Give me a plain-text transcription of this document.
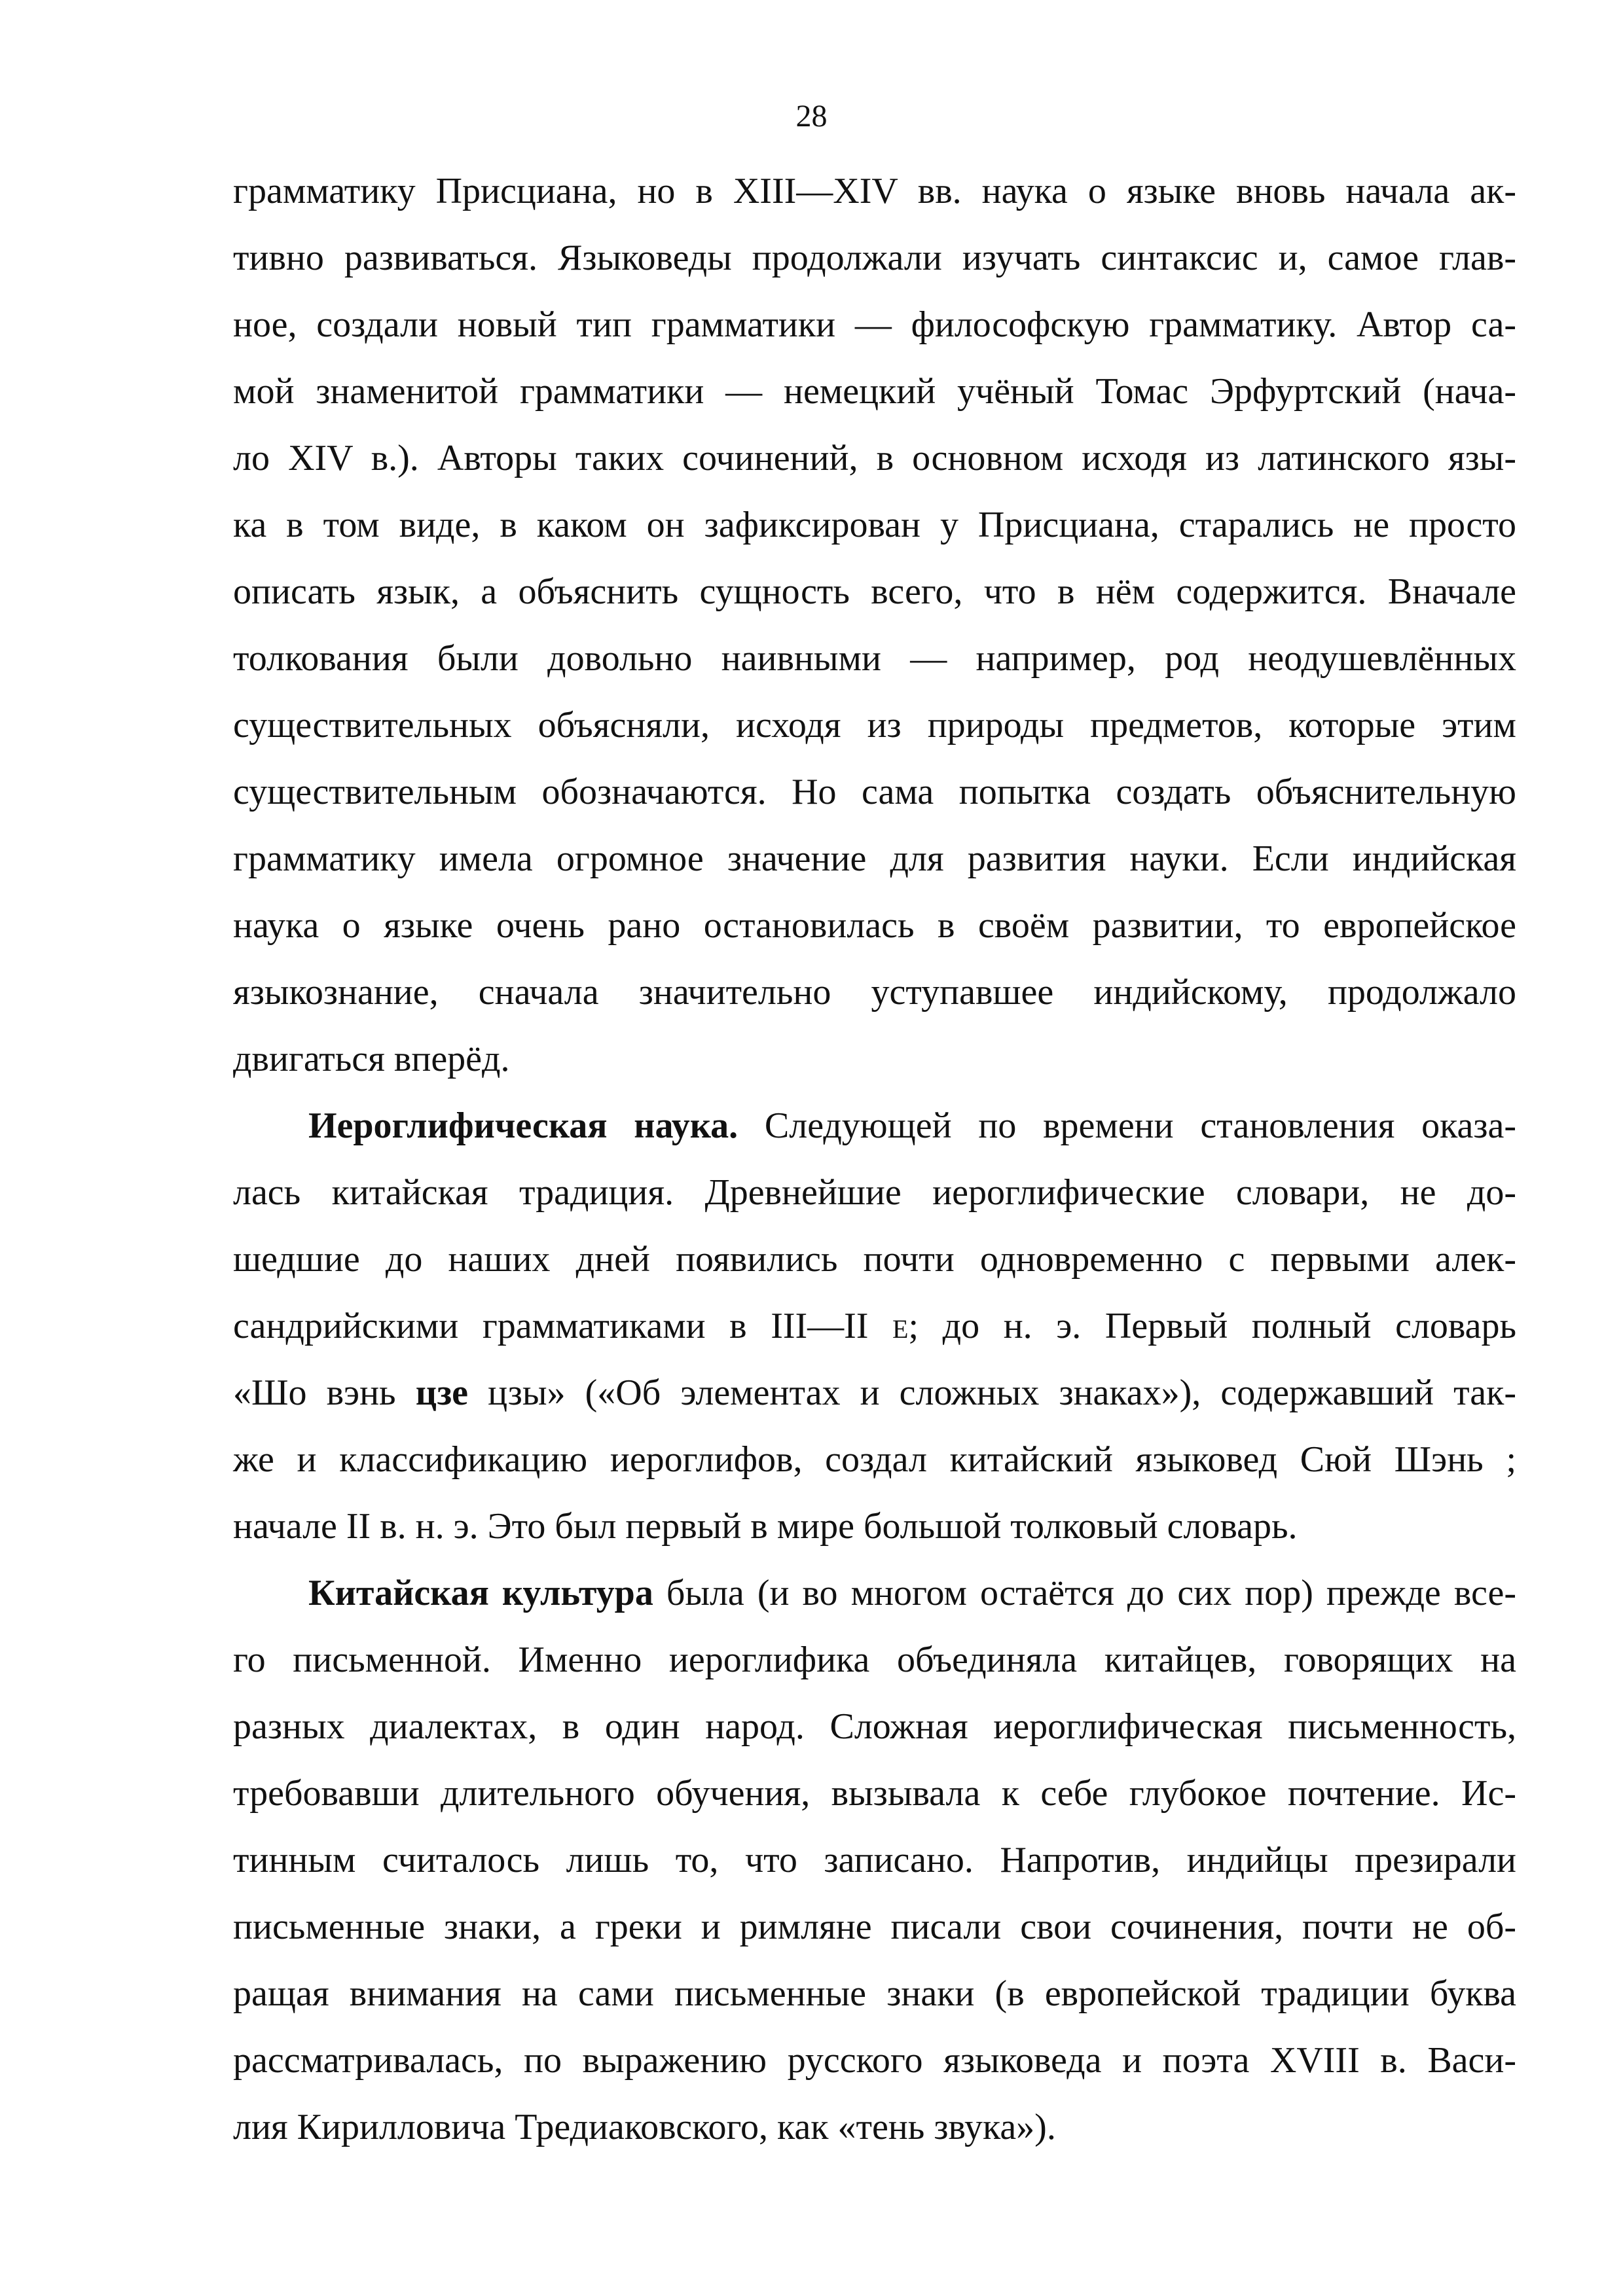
28
грамматику Присциана, но в XIII—XIV вв. наука о языке вновь начала ак-
тивно развиваться. Языковеды продолжали изучать синтаксис и, самое глав-
ное, создали новый тип грамматики — философскую грамматику. Автор са-
мой знаменитой грамматики — немецкий учёный Томас Эрфуртский (нача-
ло XIV в.). Авторы таких сочинений, в основном исходя из латинского язы-
ка в том виде, в каком он зафиксирован у Присциана, старались не просто
описать язык, а объяснить сущность всего, что в нём содержится. Вначале
толкования были довольно наивными — например, род неодушевлённых
существительных объясняли, исходя из природы предметов, которые этим
существительным обозначаются. Но сама попытка создать объяснительную
грамматику имела огромное значение для развития науки. Если индийская
наука о языке очень рано остановилась в своём развитии, то европейское
языкознание, сначала значительно уступавшее индийскому, продолжало
двигаться вперёд.
Иероглифическая наука. Следующей по времени становления оказа-
лась китайская традиция. Древнейшие иероглифические словари, не до-
шедшие до наших дней появились почти одновременно с первыми алек-
сандрийскими грамматиками в III—II Е; до н. э. Первый полный словарь
«Шо вэнь цзе цзы» («Об элементах и сложных знаках»), содержавший так-
же и классификацию иероглифов, создал китайский языковед Сюй Шэнь ;
начале II в. н. э. Это был первый в мире большой толковый словарь.
Китайская культура была (и во многом остаётся до сих пор) прежде все-
го письменной. Именно иероглифика объединяла китайцев, говорящих на
разных диалектах, в один народ. Сложная иероглифическая письменность,
требовавши длительного обучения, вызывала к себе глубокое почтение. Ис-
тинным считалось лишь то, что записано. Напротив, индийцы презирали
письменные знаки, а греки и римляне писали свои сочинения, почти не об-
ращая внимания на сами письменные знаки (в европейской традиции буква
рассматривалась, по выражению русского языковеда и поэта XVIII в. Васи-
лия Кирилловича Тредиаковского, как «тень звука»).
